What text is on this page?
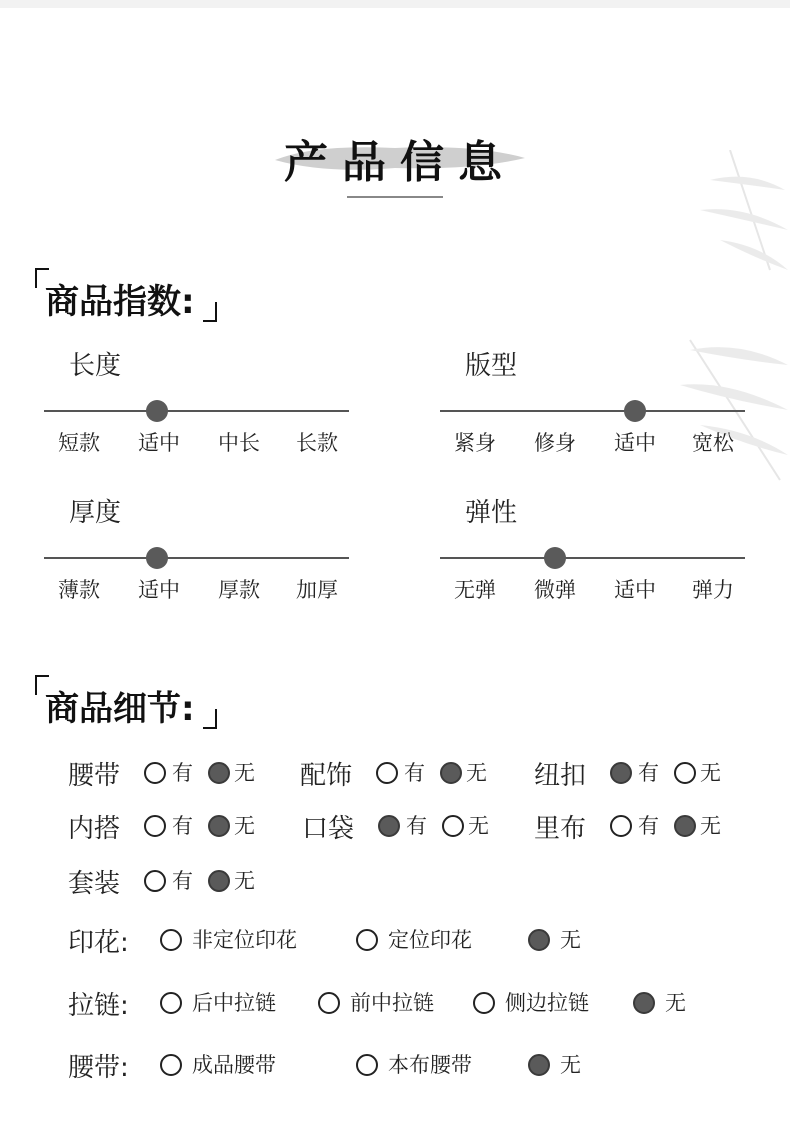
产品信息
商品指数:
长度
短款	适中	中长	长款
版型
紧身	修身	适中	宽松
厚度
薄款	适中	厚款	加厚
弹性
无弹	微弹	适中	弹力
商品细节:
腰带 有 无 配饰 有 无 纽扣 有 无
内搭 有 无 口袋 有 无 里布 有 无
套装 有 无
印花:	非定位印花	定位印花	无
拉链:	后中拉链	前中拉链	侧边拉链	无
腰带:	成品腰带	本布腰带	无
